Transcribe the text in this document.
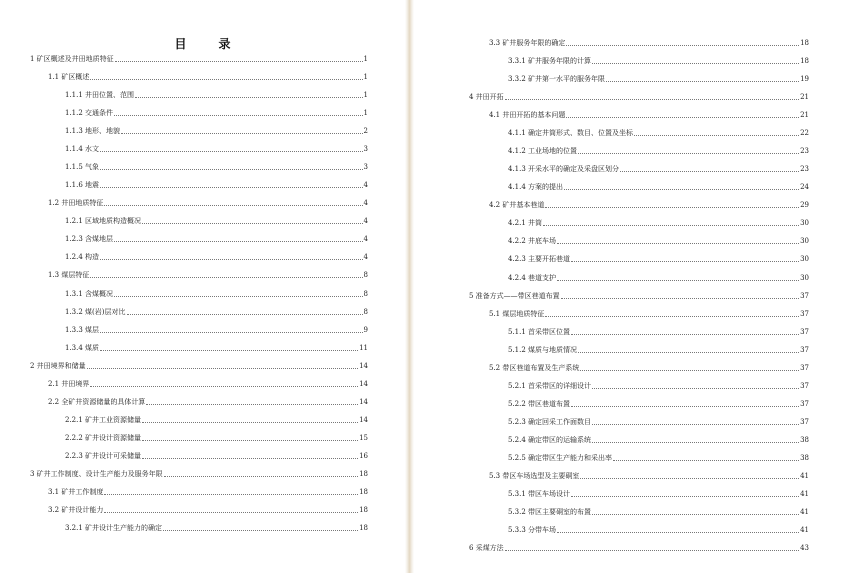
目　录
1 矿区概述及井田地质特征	1
1.1 矿区概述	1
1.1.1 井田位置、范围	1
1.1.2 交通条件	1
1.1.3 地形、地貌	2
1.1.4 水文	3
1.1.5 气象	3
1.1.6 地震	4
1.2 井田地质特征	4
1.2.1 区域地质构造概况	4
1.2.3 含煤地层	4
1.2.4 构造	4
1.3 煤层特征	8
1.3.1 含煤概况	8
1.3.2 煤(岩)层对比	8
1.3.3 煤层	9
1.3.4 煤质	11
2 井田境界和储量	14
2.1 井田境界	14
2.2 全矿井资源储量的具体计算	14
2.2.1 矿井工业资源储量	14
2.2.2 矿井设计资源储量	15
2.2.3 矿井设计可采储量	16
3 矿井工作制度、设计生产能力及服务年限	18
3.1 矿井工作制度	18
3.2 矿井设计能力	18
3.2.1 矿井设计生产能力的确定	18
3.3 矿井服务年限的确定	18
3.3.1 矿井服务年限的计算	18
3.3.2 矿井第一水平的服务年限	19
4 井田开拓	21
4.1 井田开拓的基本问题	21
4.1.1 确定井筒形式、数目、位置及坐标	22
4.1.2 工业场地的位置	23
4.1.3 开采水平的确定及采盘区划分	23
4.1.4 方案的提出	24
4.2 矿井基本巷道	29
4.2.1 井筒	30
4.2.2 井底车场	30
4.2.3 主要开拓巷道	30
4.2.4 巷道支护	30
5 准备方式——带区巷道布置	37
5.1 煤层地质特征	37
5.1.1 首采带区位置	37
5.1.2 煤质与地质情况	37
5.2 带区巷道布置及生产系统	37
5.2.1 首采带区的详细设计	37
5.2.2 带区巷道布置	37
5.2.3 确定回采工作面数目	37
5.2.4 确定带区的运输系统	38
5.2.5 确定带区生产能力和采出率	38
5.3 带区车场选型及主要硐室	41
5.3.1 带区车场设计	41
5.3.2 带区主要硐室的布置	41
5.3.3 分带车场	41
6 采煤方法	43
